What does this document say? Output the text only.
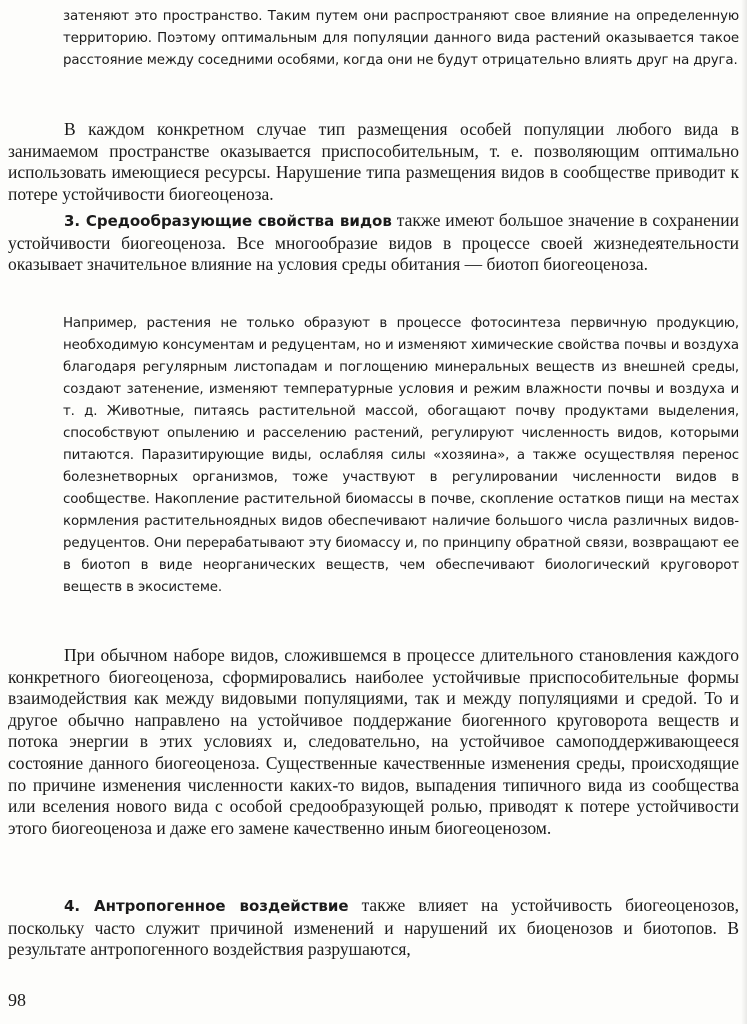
затеняют это пространство. Таким путем они распространяют свое влияние на определенную территорию. Поэтому оптимальным для популяции данного вида растений оказывается такое расстояние между соседними особями, когда они не будут отрицательно влиять друг на друга.

В каждом конкретном случае тип размещения особей популяции любого вида в занимаемом пространстве оказывается приспособительным, т. е. позволяющим оптимально использовать имеющиеся ресурсы. Нарушение типа размещения видов в сообществе приводит к потере устойчивости биогеоценоза.

3. Средообразующие свойства видов также имеют большое значение в сохранении устойчивости биогеоценоза. Все многообразие видов в процессе своей жизнедеятельности оказывает значительное влияние на условия среды обитания — биотоп биогеоценоза.

Например, растения не только образуют в процессе фотосинтеза первичную продукцию, необходимую консументам и редуцентам, но и изменяют химические свойства почвы и воздуха благодаря регулярным листопадам и поглощению минеральных веществ из внешней среды, создают затенение, изменяют температурные условия и режим влажности почвы и воздуха и т. д. Животные, питаясь растительной массой, обогащают почву продуктами выделения, способствуют опылению и расселению растений, регулируют численность видов, которыми питаются. Паразитирующие виды, ослабляя силы «хозяина», а также осуществляя перенос болезнетворных организмов, тоже участвуют в регулировании численности видов в сообществе. Накопление растительной биомассы в почве, скопление остатков пищи на местах кормления растительноядных видов обеспечивают наличие большого числа различных видов-редуцентов. Они перерабатывают эту биомассу и, по принципу обратной связи, возвращают ее в биотоп в виде неорганических веществ, чем обеспечивают биологический круговорот веществ в экосистеме.

При обычном наборе видов, сложившемся в процессе длительного становления каждого конкретного биогеоценоза, сформировались наиболее устойчивые приспособительные формы взаимодействия как между видовыми популяциями, так и между популяциями и средой. То и другое обычно направлено на устойчивое поддержание биогенного круговорота веществ и потока энергии в этих условиях и, следовательно, на устойчивое самоподдерживающееся состояние данного биогеоценоза. Существенные качественные изменения среды, происходящие по причине изменения численности каких-то видов, выпадения типичного вида из сообщества или вселения нового вида с особой средообразующей ролью, приводят к потере устойчивости этого биогеоценоза и даже его замене качественно иным биогеоценозом.

4. Антропогенное воздействие также влияет на устойчивость биогеоценозов, поскольку часто служит причиной изменений и нарушений их биоценозов и биотопов. В результате антропогенного воздействия разрушаются,

98
